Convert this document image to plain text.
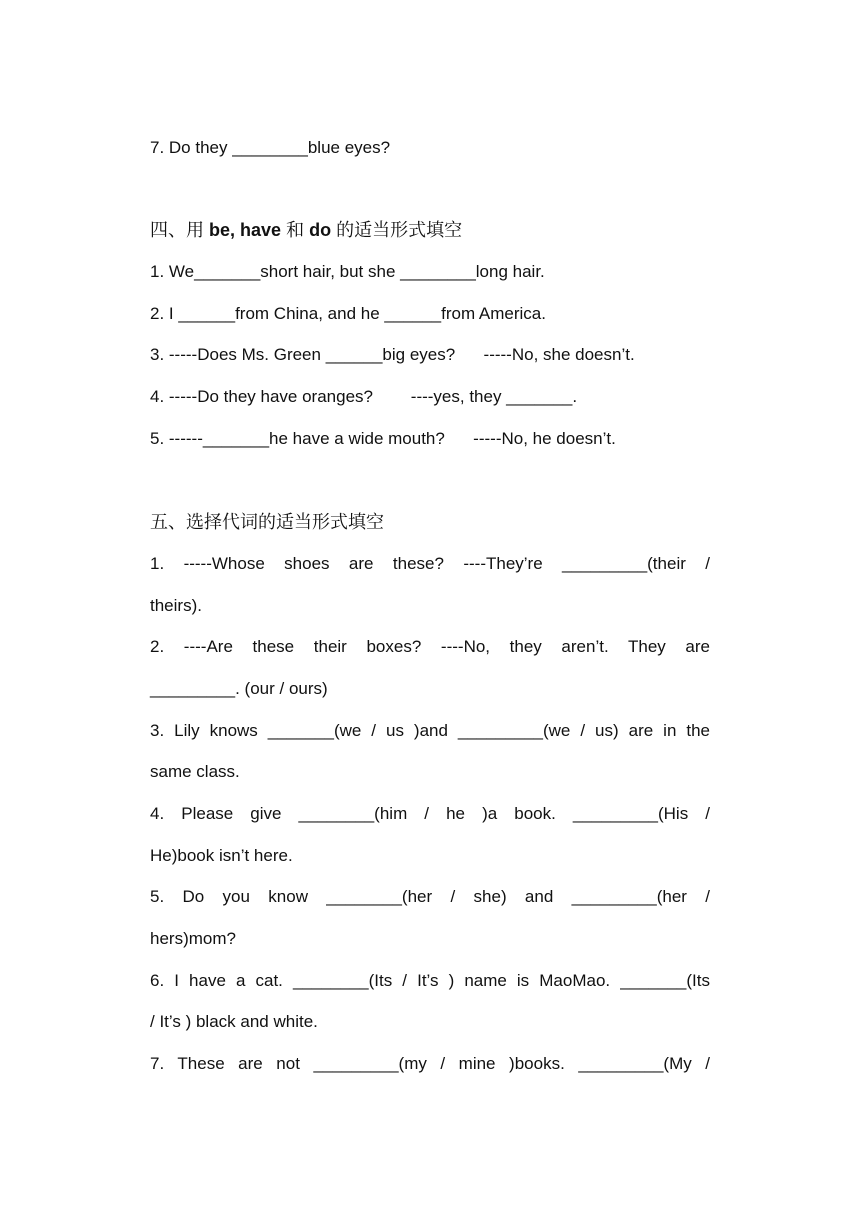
7. Do they ________blue eyes?
四、用 be, have 和 do 的适当形式填空
1. We_______short hair, but she ________long hair.
2. I ______from China, and he ______from America.
3. -----Does Ms. Green ______big eyes?      -----No, she doesn’t.
4. -----Do they have oranges?        ----yes, they _______.
5. ------_______he have a wide mouth?      -----No, he doesn’t.
五、选择代词的适当形式填空
1. -----Whose shoes are these? ----They’re _________(their /
theirs).
2. ----Are these their boxes? ----No, they aren’t. They are
_________. (our / ours)
3. Lily knows _______(we / us )and _________(we / us) are in the
same class.
4. Please give ________(him / he )a book. _________(His /
He)book isn’t here.
5. Do you know ________(her / she) and _________(her /
hers)mom?
6. I have a cat. ________(Its / It’s ) name is MaoMao. _______(Its
/ It’s ) black and white.
7. These are not _________(my / mine )books. _________(My /
